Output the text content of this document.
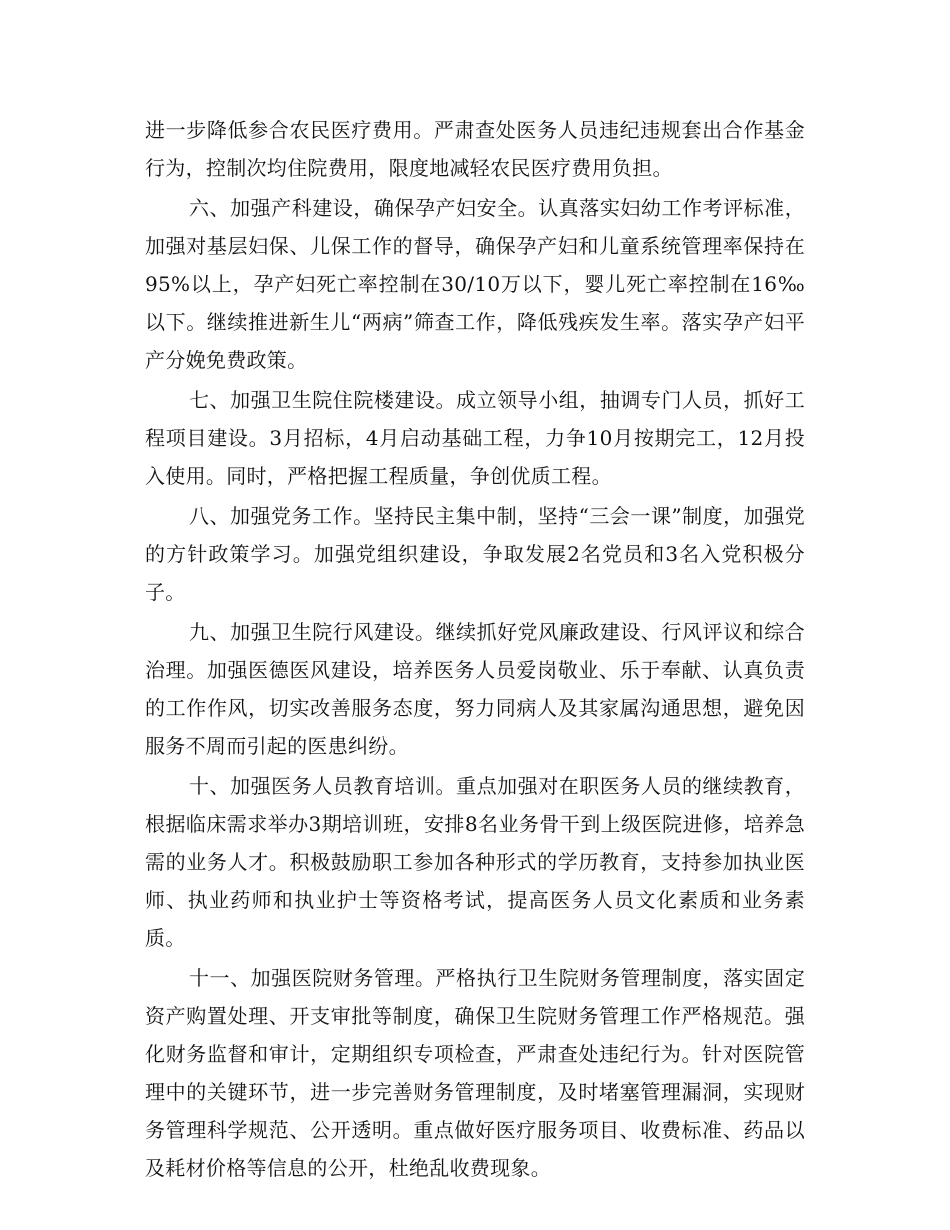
进一步降低参合农民医疗费用。严肃查处医务人员违纪违规套出合作基金行为，控制次均住院费用，限度地减轻农民医疗费用负担。

六、加强产科建设，确保孕产妇安全。认真落实妇幼工作考评标准，加强对基层妇保、儿保工作的督导，确保孕产妇和儿童系统管理率保持在95%以上，孕产妇死亡率控制在30/10万以下，婴儿死亡率控制在16‰以下。继续推进新生儿“两病”筛查工作，降低残疾发生率。落实孕产妇平产分娩免费政策。

七、加强卫生院住院楼建设。成立领导小组，抽调专门人员，抓好工程项目建设。3月招标，4月启动基础工程，力争10月按期完工，12月投入使用。同时，严格把握工程质量，争创优质工程。

八、加强党务工作。坚持民主集中制，坚持“三会一课”制度，加强党的方针政策学习。加强党组织建设，争取发展2名党员和3名入党积极分子。

九、加强卫生院行风建设。继续抓好党风廉政建设、行风评议和综合治理。加强医德医风建设，培养医务人员爱岗敬业、乐于奉献、认真负责的工作作风，切实改善服务态度，努力同病人及其家属沟通思想，避免因服务不周而引起的医患纠纷。

十、加强医务人员教育培训。重点加强对在职医务人员的继续教育，根据临床需求举办3期培训班，安排8名业务骨干到上级医院进修，培养急需的业务人才。积极鼓励职工参加各种形式的学历教育，支持参加执业医师、执业药师和执业护士等资格考试，提高医务人员文化素质和业务素质。

十一、加强医院财务管理。严格执行卫生院财务管理制度，落实固定资产购置处理、开支审批等制度，确保卫生院财务管理工作严格规范。强化财务监督和审计，定期组织专项检查，严肃查处违纪行为。针对医院管理中的关键环节，进一步完善财务管理制度，及时堵塞管理漏洞，实现财务管理科学规范、公开透明。重点做好医疗服务项目、收费标准、药品以及耗材价格等信息的公开，杜绝乱收费现象。
